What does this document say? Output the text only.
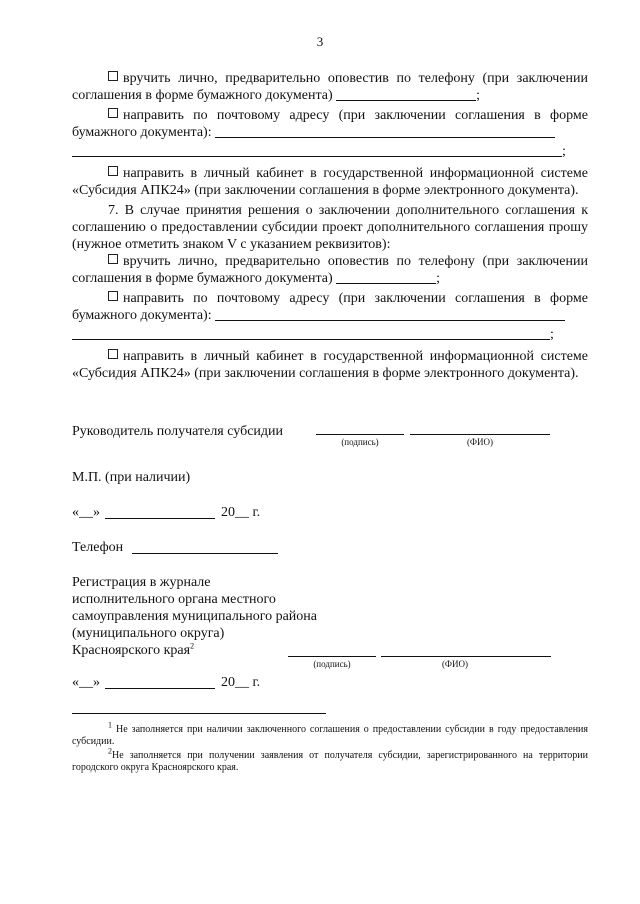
3

вручить лично, предварительно оповестив по телефону (при заключении соглашения в форме бумажного документа)	;

направить по почтовому адресу (при заключении соглашения в форме бумажного документа):

;

направить в личный кабинет в государственной информационной системе «Субсидия АПК24» (при заключении соглашения в форме электронного документа).

7. В случае принятия решения о заключении дополнительного соглашения к соглашению о предоставлении субсидии проект дополнительного соглашения прошу (нужное отметить знаком V с указанием реквизитов):

вручить лично, предварительно оповестив по телефону (при заключении соглашения в форме бумажного документа)	;

направить по почтовому адресу (при заключении соглашения в форме бумажного документа):

;

направить в личный кабинет в государственной информационной системе «Субсидия АПК24» (при заключении соглашения в форме электронного документа).

Руководитель получателя субсидии
(подпись)	(ФИО)
М.П. (при наличии)
«__»	20__ г.
Телефон
Регистрация в журнале
исполнительного органа местного
самоуправления муниципального района
(муниципального округа)
Красноярского края$^2$
(подпись)	(ФИО)
«__»	20__ г.

$^1$ Не заполняется при наличии заключенного соглашения о предоставлении субсидии в году предоставления субсидии.

$^2$Не заполняется при получении заявления от получателя субсидии, зарегистрированного на территории городского округа Красноярского края.
